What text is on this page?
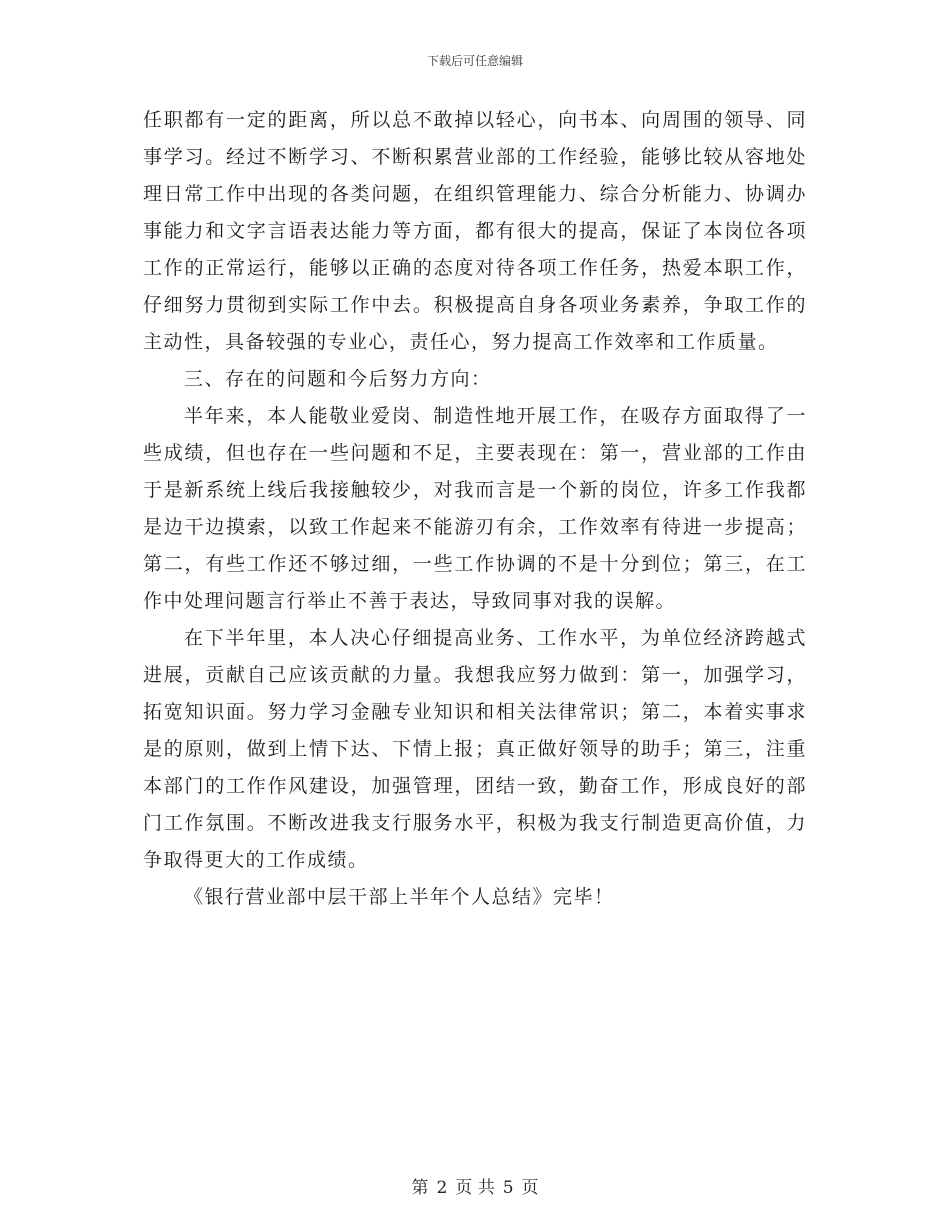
下载后可任意编辑

任职都有一定的距离，所以总不敢掉以轻心，向书本、向周围的领导、同事学习。经过不断学习、不断积累营业部的工作经验，能够比较从容地处理日常工作中出现的各类问题，在组织管理能力、综合分析能力、协调办事能力和文字言语表达能力等方面，都有很大的提高，保证了本岗位各项工作的正常运行，能够以正确的态度对待各项工作任务，热爱本职工作，仔细努力贯彻到实际工作中去。积极提高自身各项业务素养，争取工作的主动性，具备较强的专业心，责任心，努力提高工作效率和工作质量。

三、存在的问题和今后努力方向：

半年来，本人能敬业爱岗、制造性地开展工作，在吸存方面取得了一些成绩，但也存在一些问题和不足，主要表现在：第一，营业部的工作由于是新系统上线后我接触较少，对我而言是一个新的岗位，许多工作我都是边干边摸索，以致工作起来不能游刃有余，工作效率有待进一步提高；第二，有些工作还不够过细，一些工作协调的不是十分到位；第三，在工作中处理问题言行举止不善于表达，导致同事对我的误解。

在下半年里，本人决心仔细提高业务、工作水平，为单位经济跨越式进展，贡献自己应该贡献的力量。我想我应努力做到：第一，加强学习，拓宽知识面。努力学习金融专业知识和相关法律常识；第二，本着实事求是的原则，做到上情下达、下情上报；真正做好领导的助手；第三，注重本部门的工作作风建设，加强管理，团结一致，勤奋工作，形成良好的部门工作氛围。不断改进我支行服务水平，积极为我支行制造更高价值，力争取得更大的工作成绩。

《银行营业部中层干部上半年个人总结》完毕！

第 2 页 共 5 页
